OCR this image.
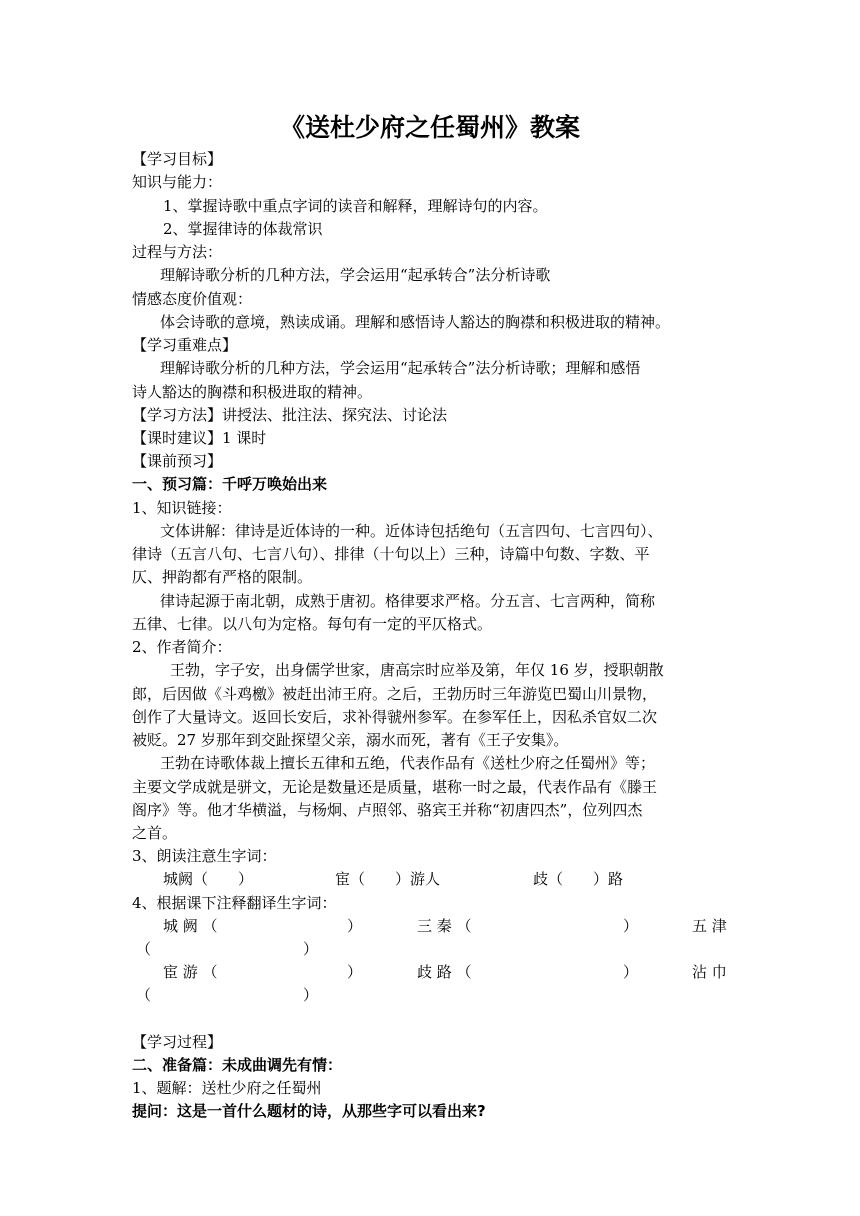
《送杜少府之任蜀州》教案
【学习目标】
知识与能力：
1、掌握诗歌中重点字词的读音和解释，理解诗句的内容。
2、掌握律诗的体裁常识
过程与方法：
理解诗歌分析的几种方法，学会运用“起承转合”法分析诗歌
情感态度价值观：
体会诗歌的意境，熟读成诵。理解和感悟诗人豁达的胸襟和积极进取的精神。
【学习重难点】
理解诗歌分析的几种方法，学会运用“起承转合”法分析诗歌；理解和感悟
诗人豁达的胸襟和积极进取的精神。
【学习方法】讲授法、批注法、探究法、讨论法
【课时建议】1 课时
【课前预习】
一、预习篇：千呼万唤始出来
1、知识链接：
文体讲解：律诗是近体诗的一种。近体诗包括绝句（五言四句、七言四句）、
律诗（五言八句、七言八句）、排律（十句以上）三种，诗篇中句数、字数、平
仄、押韵都有严格的限制。
律诗起源于南北朝，成熟于唐初。格律要求严格。分五言、七言两种，简称
五律、七律。以八句为定格。每句有一定的平仄格式。
2、作者简介：
王勃，字子安，出身儒学世家，唐高宗时应举及第，年仅 16 岁，授职朝散
郎，后因做《斗鸡檄》被赶出沛王府。之后，王勃历时三年游览巴蜀山川景物，
创作了大量诗文。返回长安后，求补得虢州参军。在参军任上，因私杀官奴二次
被贬。27 岁那年到交趾探望父亲，溺水而死，著有《王子安集》。
王勃在诗歌体裁上擅长五律和五绝，代表作品有《送杜少府之任蜀州》等；
主要文学成就是骈文，无论是数量还是质量，堪称一时之最，代表作品有《滕王
阁序》等。他才华横溢，与杨炯、卢照邻、骆宾王并称“初唐四杰”，位列四杰
之首。
3、朗读注意生字词：
城阙（　　）	宦（　　）游人	歧（　　）路
4、根据课下注释翻译生字词：
城 阙 （	）	三 秦 （	）	五 津
（	）
宦 游 （	）	歧 路 （	）	沾 巾
（	）
【学习过程】
二、准备篇：未成曲调先有情：
1、题解：送杜少府之任蜀州
提问：这是一首什么题材的诗，从那些字可以看出来?
